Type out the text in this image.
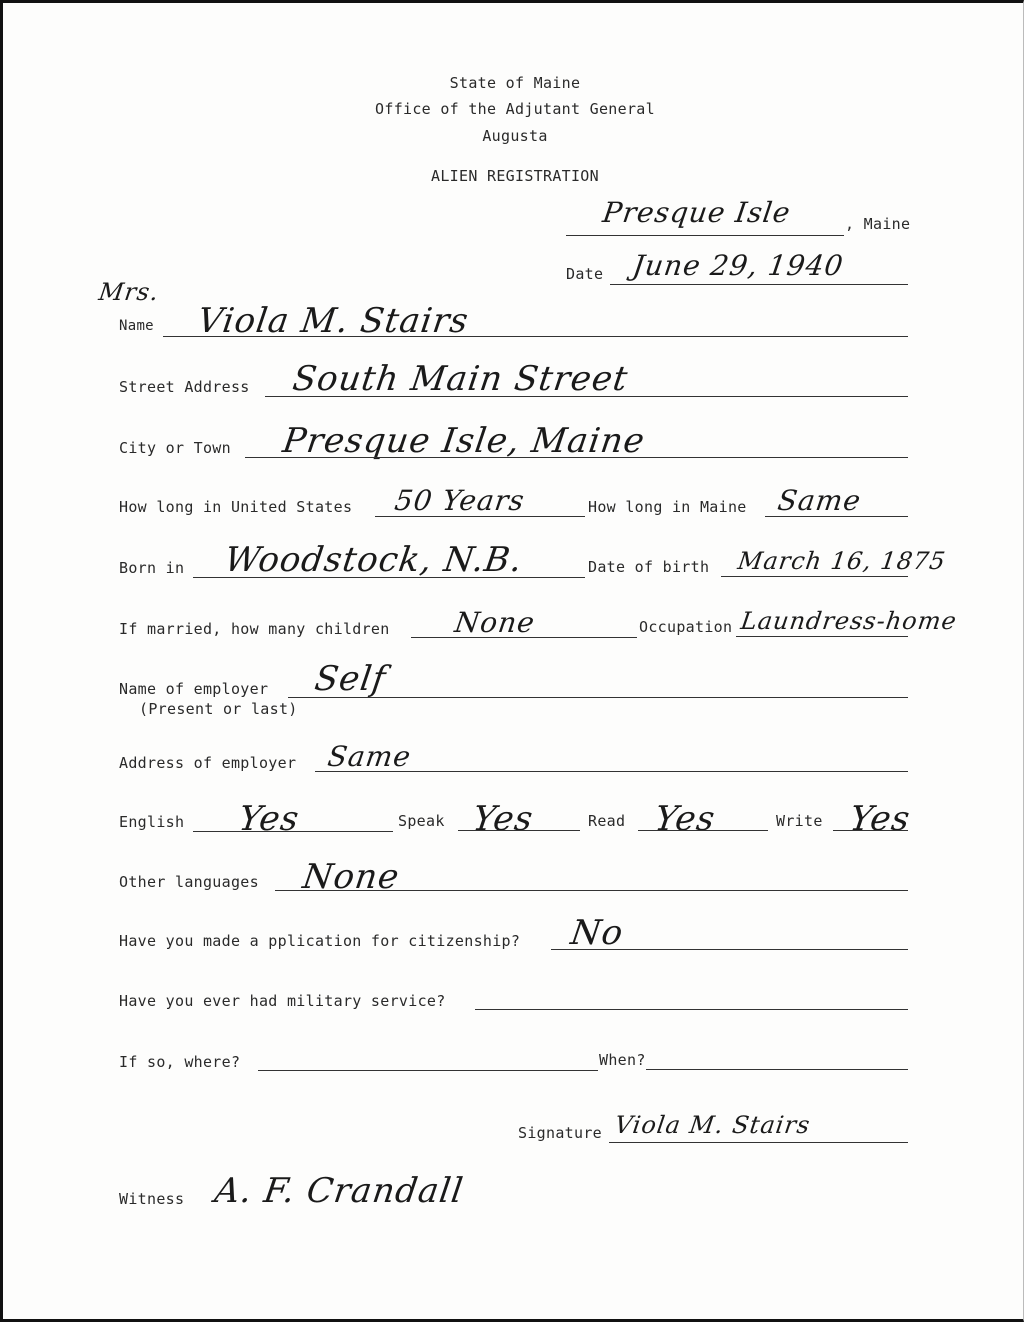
State of Maine
Office of the Adjutant General
Augusta
ALIEN REGISTRATION
Presque Isle	, Maine
Date June 29, 1940
Mrs.
Name Viola M. Stairs
Street Address South Main Street
City or Town Presque Isle, Maine
How long in United States 50 Years	How long in Maine Same
Born in Woodstock, N.B.	Date of birth March 16, 1875
If married, how many children None	Occupation Laundress-home
Name of employer
(Present or last)
Self
Address of employer Same
English Yes	Speak Yes	Read Yes	Write Yes
Other languages None
Have you made a pplication for citizenship? No
Have you ever had military service?
If so, where?	When?
Signature Viola M. Stairs
Witness A. F. Crandall
